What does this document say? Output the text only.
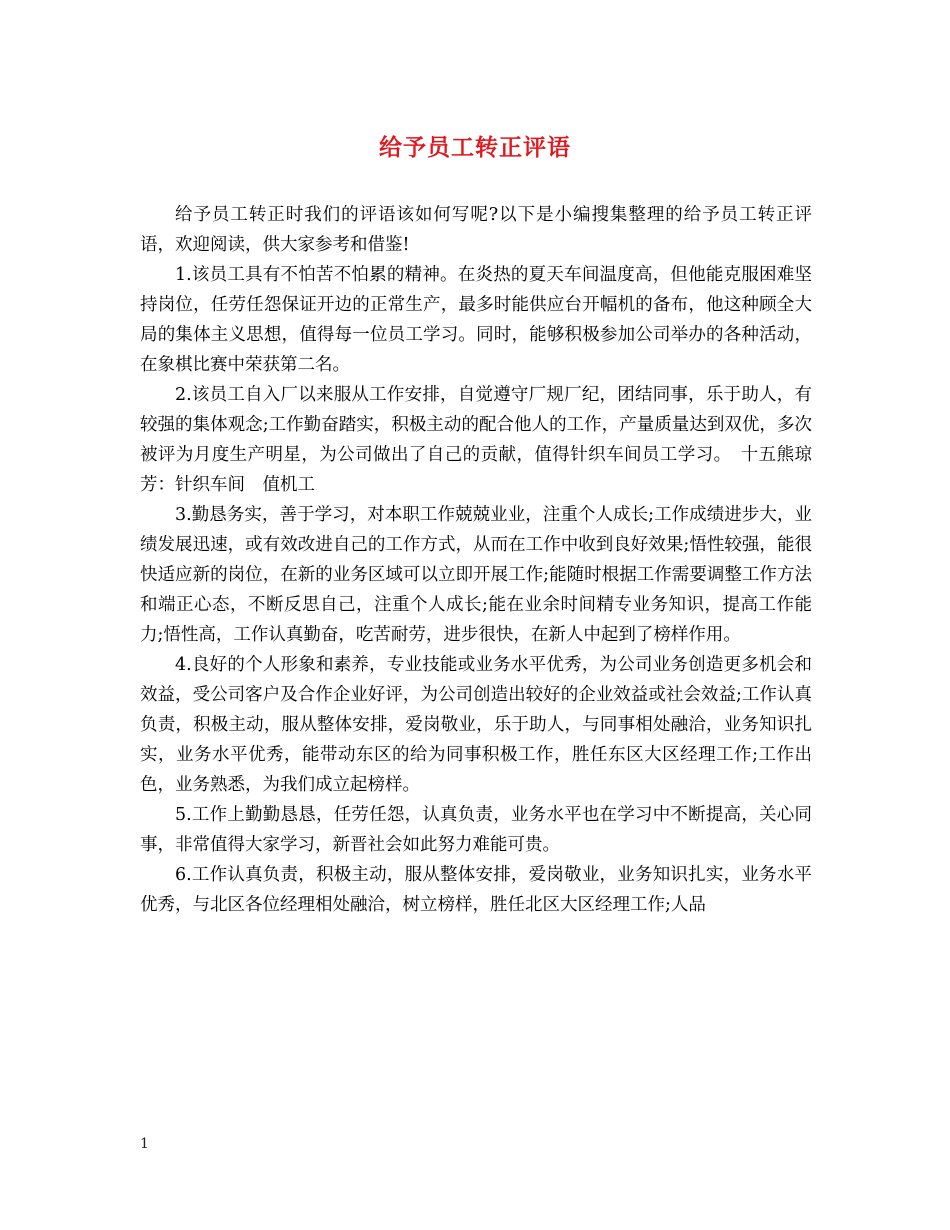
给予员工转正评语

给予员工转正时我们的评语该如何写呢?以下是小编搜集整理的给予员工转正评语，欢迎阅读，供大家参考和借鉴!

1.该员工具有不怕苦不怕累的精神。在炎热的夏天车间温度高，但他能克服困难坚持岗位，任劳任怨保证开边的正常生产，最多时能供应台开幅机的备布，他这种顾全大局的集体主义思想，值得每一位员工学习。同时，能够积极参加公司举办的各种活动，在象棋比赛中荣获第二名。

2.该员工自入厂以来服从工作安排，自觉遵守厂规厂纪，团结同事，乐于助人，有较强的集体观念;工作勤奋踏实，积极主动的配合他人的工作，产量质量达到双优，多次被评为月度生产明星，为公司做出了自己的贡献，值得针织车间员工学习。　十五熊琼芳：针织车间　值机工

3.勤恳务实，善于学习，对本职工作兢兢业业，注重个人成长;工作成绩进步大，业绩发展迅速，或有效改进自己的工作方式，从而在工作中收到良好效果;悟性较强，能很快适应新的岗位，在新的业务区域可以立即开展工作;能随时根据工作需要调整工作方法和端正心态，不断反思自己，注重个人成长;能在业余时间精专业务知识，提高工作能力;悟性高，工作认真勤奋，吃苦耐劳，进步很快，在新人中起到了榜样作用。

4.良好的个人形象和素养，专业技能或业务水平优秀，为公司业务创造更多机会和效益，受公司客户及合作企业好评，为公司创造出较好的企业效益或社会效益;工作认真负责，积极主动，服从整体安排，爱岗敬业，乐于助人，与同事相处融洽，业务知识扎实，业务水平优秀，能带动东区的给为同事积极工作，胜任东区大区经理工作;工作出色，业务熟悉，为我们成立起榜样。

5.工作上勤勤恳恳，任劳任怨，认真负责，业务水平也在学习中不断提高，关心同事，非常值得大家学习，新晋社会如此努力难能可贵。

6.工作认真负责，积极主动，服从整体安排，爱岗敬业，业务知识扎实，业务水平优秀，与北区各位经理相处融洽，树立榜样，胜任北区大区经理工作;人品

1
